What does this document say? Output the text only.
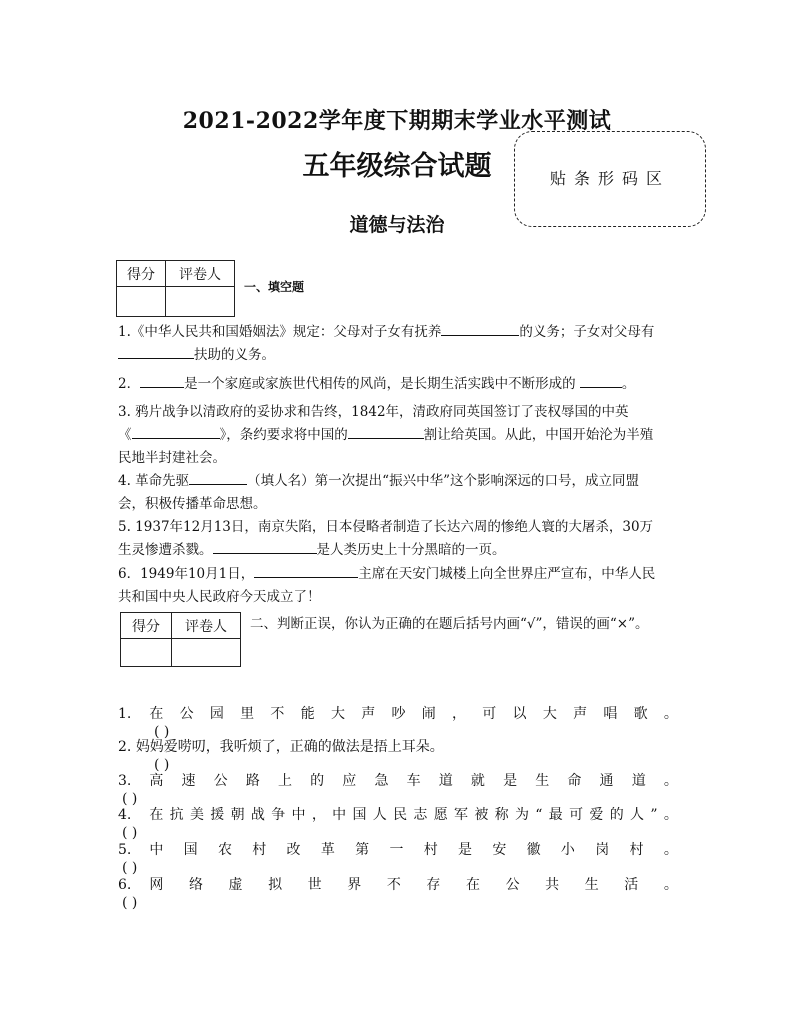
2021-2022学年度下期期末学业水平测试
五年级综合试题
道德与法治
贴条形码区
得分	评卷人

一、填空题
1.《中华人民共和国婚姻法》规定：父母对子女有抚养	的义务；子女对父母有
扶助的义务。
2．	是一个家庭或家族世代相传的风尚，是长期生活实践中不断形成的	。
3. 鸦片战争以清政府的妥协求和告终，1842年，清政府同英国签订了丧权辱国的中英
《	》，条约要求将中国的	割让给英国。从此，中国开始沦为半殖
民地半封建社会。
4. 革命先驱	（填人名）第一次提出“振兴中华”这个影响深远的口号，成立同盟
会，积极传播革命思想。
5. 1937年12月13日，南京失陷，日本侵略者制造了长达六周的惨绝人寰的大屠杀，30万
生灵惨遭杀戮。	是人类历史上十分黑暗的一页。
6．1949年10月1日，	主席在天安门城楼上向全世界庄严宣布，中华人民
共和国中央人民政府今天成立了！
得分	评卷人
	二、判断正误，你认为正确的在题后括号内画“√”，错误的画“×”。
1. 在 公 园 里 不 能 大 声 吵 闹 ， 可 以 大 声 唱 歌 。
( )
2. 妈妈爱唠叨，我听烦了，正确的做法是捂上耳朵。
( )
3. 高 速 公 路 上 的 应 急 车 道 就 是 生 命 通 道 。
( )
4. 在 抗 美 援 朝 战 争 中 ， 中 国 人 民 志 愿 军 被 称 为 “ 最 可 爱 的 人 ” 。
( )
5. 中 国 农 村 改 革 第 一 村 是 安 徽 小 岗 村 。
( )
6. 网 络 虚 拟 世 界 不 存 在 公 共 生 活 。
( )
